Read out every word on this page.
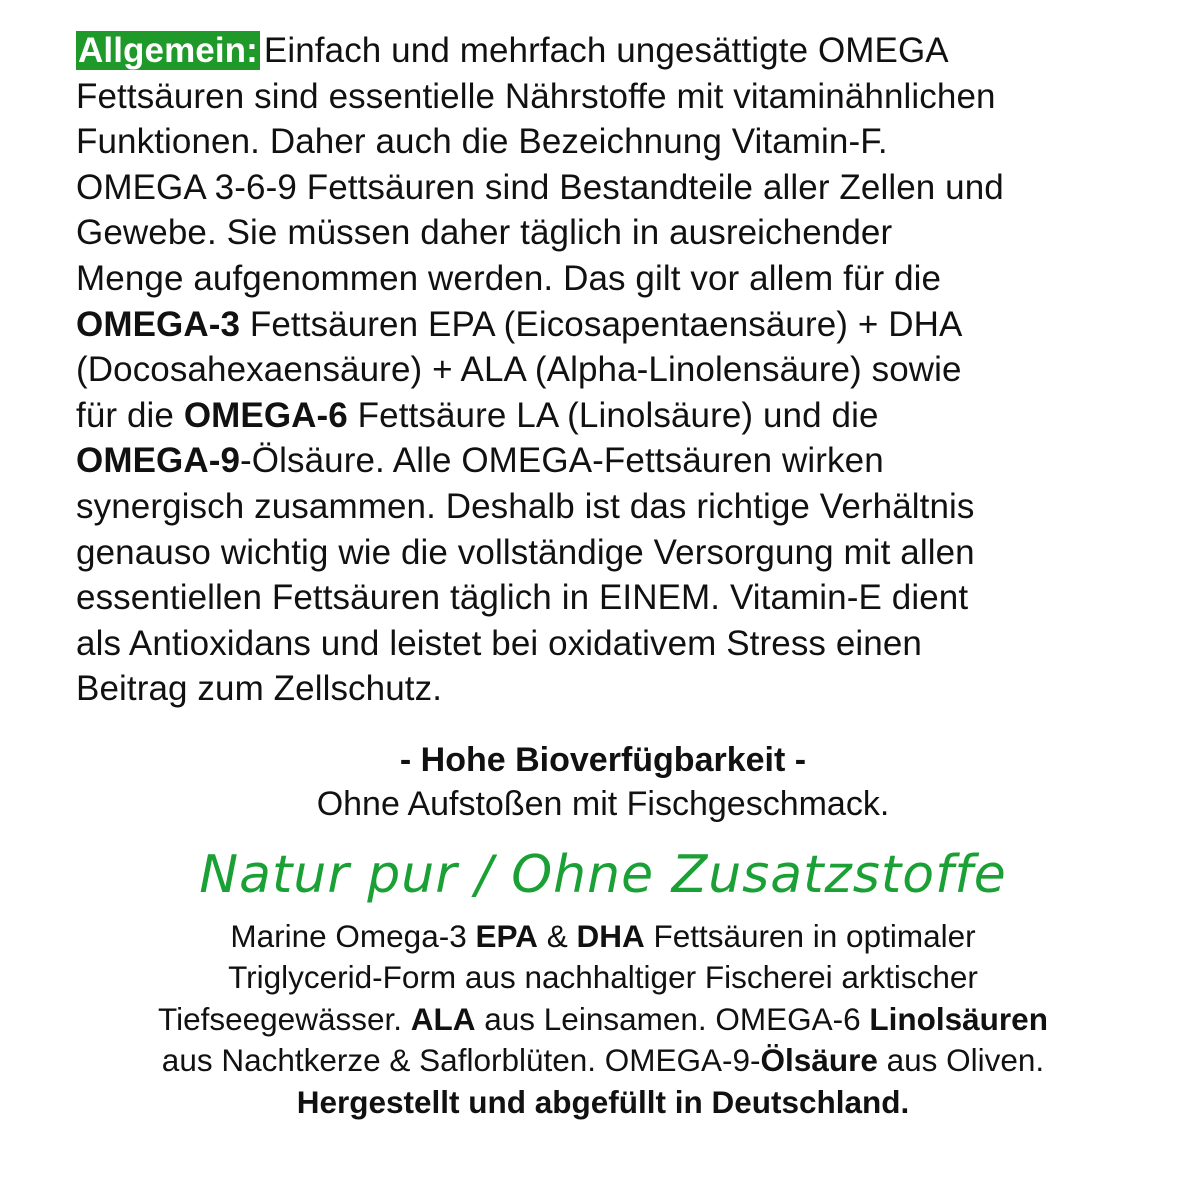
Allgemein: Einfach und mehrfach ungesättigte OMEGA
Fettsäuren sind essentielle Nährstoffe mit vitaminähnlichen
Funktionen. Daher auch die Bezeichnung Vitamin-F.
OMEGA 3-6-9 Fettsäuren sind Bestandteile aller Zellen und
Gewebe. Sie müssen daher täglich in ausreichender
Menge aufgenommen werden. Das gilt vor allem für die
OMEGA-3 Fettsäuren EPA (Eicosapentaensäure) + DHA
(Docosahexaensäure) + ALA (Alpha-Linolensäure) sowie
für die OMEGA-6 Fettsäure LA (Linolsäure) und die
OMEGA-9-Ölsäure. Alle OMEGA-Fettsäuren wirken
synergisch zusammen. Deshalb ist das richtige Verhältnis
genauso wichtig wie die vollständige Versorgung mit allen
essentiellen Fettsäuren täglich in EINEM. Vitamin-E dient
als Antioxidans und leistet bei oxidativem Stress einen
Beitrag zum Zellschutz.

- Hohe Bioverfügbarkeit -

Ohne Aufstoßen mit Fischgeschmack.

Natur pur / Ohne Zusatzstoffe

Marine Omega-3 EPA & DHA Fettsäuren in optimaler
Triglycerid-Form aus nachhaltiger Fischerei arktischer
Tiefseegewässer. ALA aus Leinsamen. OMEGA-6 Linolsäuren
aus Nachtkerze & Saflorblüten. OMEGA-9-Ölsäure aus Oliven.
Hergestellt und abgefüllt in Deutschland.
